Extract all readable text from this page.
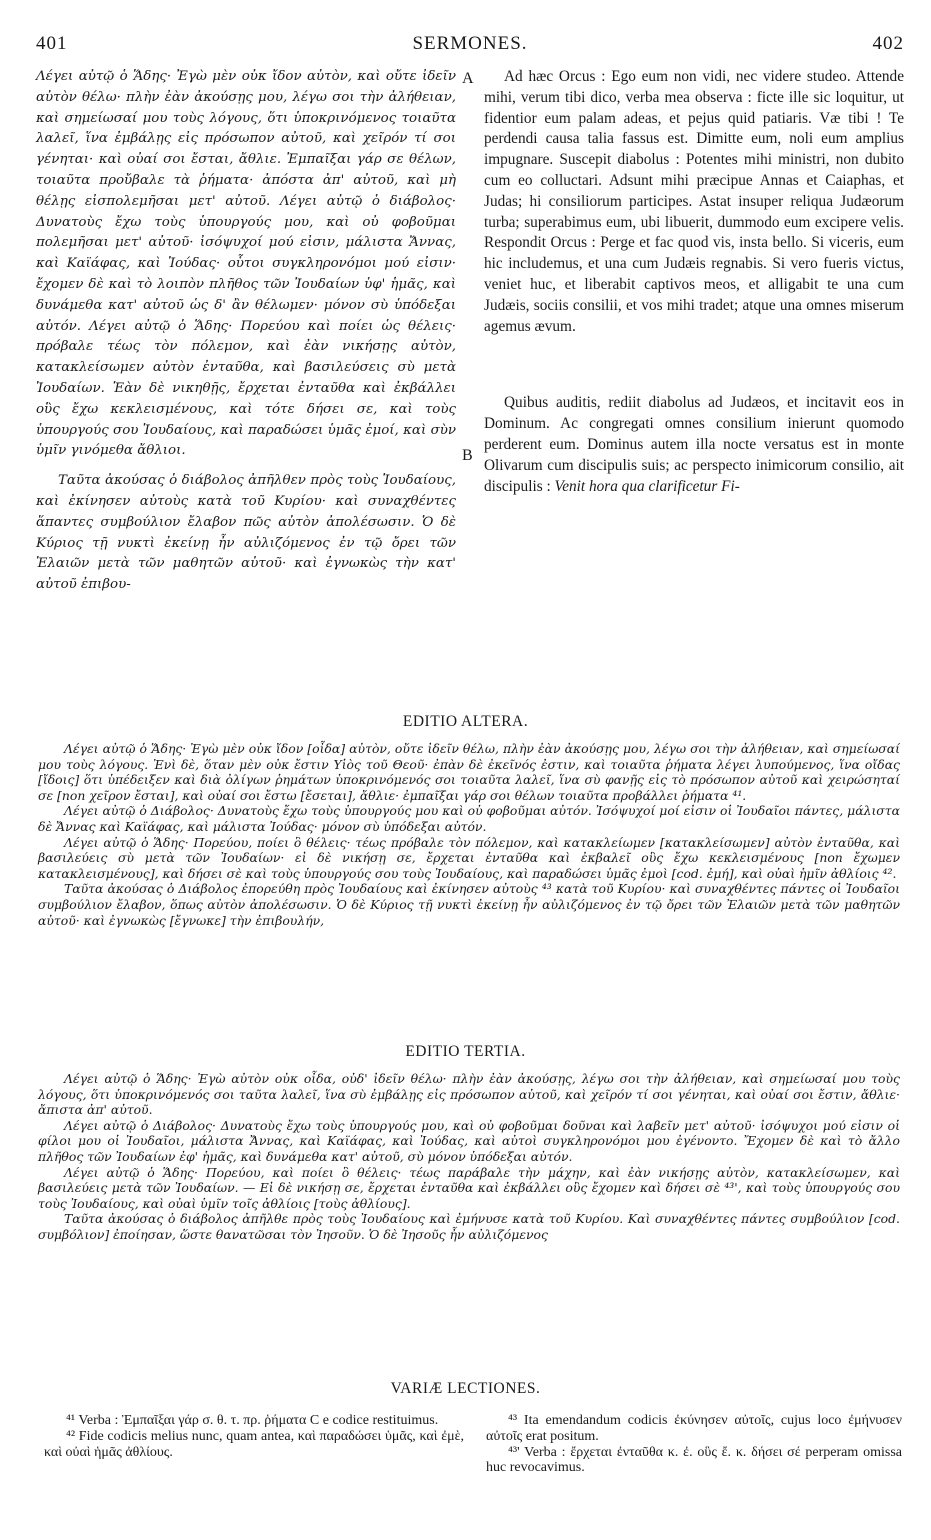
401	SERMONES.	402

Λέγει αὐτῷ ὁ Ἅδης· Ἐγὼ μὲν οὐκ ἴδον αὐτὸν, καὶ οὔτε ἰδεῖν αὐτὸν θέλω· πλὴν ἐὰν ἀκούσῃς μου, λέγω σοι τὴν ἀλήθειαν, καὶ σημείωσαί μου τοὺς λόγους, ὅτι ὑποκρινόμενος τοιαῦτα λαλεῖ, ἵνα ἐμβάλῃς εἰς πρόσωπον αὐτοῦ, καὶ χεῖρόν τί σοι γένηται· καὶ οὐαί σοι ἔσται, ἄθλιε. Ἐμπαῖξαι γάρ σε θέλων, τοιαῦτα προὔβαλε τὰ ῥήματα· ἀπόστα ἀπ' αὐτοῦ, καὶ μὴ θέλῃς εἰσπολεμῆσαι μετ' αὐτοῦ. Λέγει αὐτῷ ὁ διάβολος· Δυνατοὺς ἔχω τοὺς ὑπουργούς μου, καὶ οὐ φοβοῦμαι πολεμῆσαι μετ' αὐτοῦ· ἰσόψυχοί μού εἰσιν, μάλιστα Ἄννας, καὶ Καϊάφας, καὶ Ἰούδας· οὗτοι συγκληρονόμοι μού εἰσιν· ἔχομεν δὲ καὶ τὸ λοιπὸν πλῆθος τῶν Ἰουδαίων ὑφ' ἡμᾶς, καὶ δυνάμεθα κατ' αὐτοῦ ὡς δ' ἂν θέλωμεν· μόνον σὺ ὑπόδεξαι αὐτόν. Λέγει αὐτῷ ὁ Ἅδης· Πορεύου καὶ ποίει ὡς θέλεις· πρόβαλε τέως τὸν πόλεμον, καὶ ἐὰν νικήσῃς αὐτὸν, κατακλείσωμεν αὐτὸν ἐνταῦθα, καὶ βασιλεύσεις σὺ μετὰ Ἰουδαίων. Ἐὰν δὲ νικηθῇς, ἔρχεται ἐνταῦθα καὶ ἐκβάλλει οὓς ἔχω κεκλεισμένους, καὶ τότε δήσει σε, καὶ τοὺς ὑπουργούς σου Ἰουδαίους, καὶ παραδώσει ὑμᾶς ἐμοί, καὶ σὺν ὑμῖν γινόμεθα ἄθλιοι.

Ταῦτα ἀκούσας ὁ διάβολος ἀπῆλθεν πρὸς τοὺς Ἰουδαίους, καὶ ἐκίνησεν αὐτοὺς κατὰ τοῦ Κυρίου· καὶ συναχθέντες ἅπαντες συμβούλιον ἔλαβον πῶς αὐτὸν ἀπολέσωσιν. Ὁ δὲ Κύριος τῇ νυκτὶ ἐκείνῃ ἦν αὐλιζόμενος ἐν τῷ ὄρει τῶν Ἐλαιῶν μετὰ τῶν μαθητῶν αὐτοῦ· καὶ ἐγνωκὼς τὴν κατ' αὐτοῦ ἐπιβου-

A
B

Ad hæc Orcus : Ego eum non vidi, nec videre studeo. Attende mihi, verum tibi dico, verba mea observa : ficte ille sic loquitur, ut fidentior eum palam adeas, et pejus quid patiaris. Væ tibi ! Te perdendi causa talia fassus est. Dimitte eum, noli eum amplius impugnare. Suscepit diabolus : Potentes mihi ministri, non dubito cum eo colluctari. Adsunt mihi præcipue Annas et Caiaphas, et Judas; hi consiliorum participes. Astat insuper reliqua Judæorum turba; superabimus eum, ubi libuerit, dummodo eum excipere velis. Respondit Orcus : Perge et fac quod vis, insta bello. Si viceris, eum hic includemus, et una cum Judæis regnabis. Si vero fueris victus, veniet huc, et liberabit captivos meos, et alligabit te una cum Judæis, sociis consilii, et vos mihi tradet; atque una omnes miserum agemus ævum.

Quibus auditis, rediit diabolus ad Judæos, et incitavit eos in Dominum. Ac congregati omnes consilium inierunt quomodo perderent eum. Dominus autem illa nocte versatus est in monte Olivarum cum discipulis suis; ac perspecto inimicorum consilio, ait discipulis : Venit hora qua clarificetur Fi-

EDITIO ALTERA.

Λέγει αὐτῷ ὁ Ἅδης· Ἐγὼ μὲν οὐκ ἴδον [οἶδα] αὐτὸν, οὔτε ἰδεῖν θέλω, πλὴν ἐὰν ἀκούσῃς μου, λέγω σοι τὴν ἀλήθειαν, καὶ σημείωσαί μου τοὺς λόγους. Ἐνὶ δὲ, ὅταν μὲν οὐκ ἔστιν Υἱὸς τοῦ Θεοῦ· ἐπὰν δὲ ἐκεῖνός ἐστιν, καὶ τοιαῦτα ῥήματα λέγει λυπούμενος, ἵνα οἴδας [ἴδοις] ὅτι ὑπέδειξεν καὶ διὰ ὀλίγων ῥημάτων ὑποκρινόμενός σοι τοιαῦτα λαλεῖ, ἵνα σὺ φανῇς εἰς τὸ πρόσωπον αὐτοῦ καὶ χειρώσηταί σε [non χεῖρον ἔσται], καὶ οὐαί σοι ἔστω [ἔσεται], ἄθλιε· ἐμπαῖξαι γάρ σοι θέλων τοιαῦτα προβάλλει ῥήματα ⁴¹.

Λέγει αὐτῷ ὁ Διάβολος· Δυνατοὺς ἔχω τοὺς ὑπουργούς μου καὶ οὐ φοβοῦμαι αὐτόν. Ἰσόψυχοί μοί εἰσιν οἱ Ἰουδαῖοι πάντες, μάλιστα δὲ Ἄννας καὶ Καϊάφας, καὶ μάλιστα Ἰούδας· μόνον σὺ ὑπόδεξαι αὐτόν.

Λέγει αὐτῷ ὁ Ἅδης· Πορεύου, ποίει ὃ θέλεις· τέως πρόβαλε τὸν πόλεμον, καὶ κατακλείωμεν [κατακλείσωμεν] αὐτὸν ἐνταῦθα, καὶ βασιλεύεις σὺ μετὰ τῶν Ἰουδαίων· εἰ δὲ νικήσῃ σε, ἔρχεται ἐνταῦθα καὶ ἐκβαλεῖ οὓς ἔχω κεκλεισμένους [non ἔχωμεν κατακλεισμένους], καὶ δήσει σὲ καὶ τοὺς ὑπουργούς σου τοὺς Ἰουδαίους, καὶ παραδώσει ὑμᾶς ἐμοὶ [cod. ἐμή], καὶ οὐαὶ ἡμῖν ἀθλίοις ⁴².

Ταῦτα ἀκούσας ὁ Διάβολος ἐπορεύθη πρὸς Ἰουδαίους καὶ ἐκίνησεν αὐτοὺς ⁴³ κατὰ τοῦ Κυρίου· καὶ συναχθέντες πάντες οἱ Ἰουδαῖοι συμβούλιον ἔλαβον, ὅπως αὐτὸν ἀπολέσωσιν. Ὁ δὲ Κύριος τῇ νυκτὶ ἐκείνῃ ἦν αὐλιζόμενος ἐν τῷ ὄρει τῶν Ἐλαιῶν μετὰ τῶν μαθητῶν αὐτοῦ· καὶ ἐγνωκὼς [ἔγνωκε] τὴν ἐπιβουλήν,

EDITIO TERTIA.

Λέγει αὐτῷ ὁ Ἅδης· Ἐγὼ αὐτὸν οὐκ οἶδα, οὐδ' ἰδεῖν θέλω· πλὴν ἐὰν ἀκούσῃς, λέγω σοι τὴν ἀλήθειαν, καὶ σημείωσαί μου τοὺς λόγους, ὅτι ὑποκρινόμενός σοι ταῦτα λαλεῖ, ἵνα σὺ ἐμβάλῃς εἰς πρόσωπον αὐτοῦ, καὶ χεῖρόν τί σοι γένηται, καὶ οὐαί σοι ἔστιν, ἄθλιε· ἄπιστα ἀπ' αὐτοῦ.

Λέγει αὐτῷ ὁ Διάβολος· Δυνατοὺς ἔχω τοὺς ὑπουργούς μου, καὶ οὐ φοβοῦμαι δοῦναι καὶ λαβεῖν μετ' αὐτοῦ· ἰσόψυχοι μού εἰσιν οἱ φίλοι μου οἱ Ἰουδαῖοι, μάλιστα Ἄννας, καὶ Καϊάφας, καὶ Ἰούδας, καὶ αὐτοὶ συγκληρονόμοι μου ἐγένοντο. Ἔχομεν δὲ καὶ τὸ ἄλλο πλῆθος τῶν Ἰουδαίων ἐφ' ἡμᾶς, καὶ δυνάμεθα κατ' αὐτοῦ, σὺ μόνον ὑπόδεξαι αὐτόν.

Λέγει αὐτῷ ὁ Ἅδης· Πορεύου, καὶ ποίει ὃ θέλεις· τέως παράβαλε τὴν μάχην, καὶ ἐὰν νικήσῃς αὐτὸν, κατακλείσωμεν, καὶ βασιλεύεις μετὰ τῶν Ἰουδαίων. — Εἰ δὲ νικήσῃ σε, ἔρχεται ἐνταῦθα καὶ ἐκβάλλει οὓς ἔχομεν καὶ δήσει σὲ ⁴³', καὶ τοὺς ὑπουργούς σου τοὺς Ἰουδαίους, καὶ οὐαὶ ὑμῖν τοῖς ἀθλίοις [τοὺς ἀθλίους].

Ταῦτα ἀκούσας ὁ διάβολος ἀπῆλθε πρὸς τοὺς Ἰουδαίους καὶ ἐμήνυσε κατὰ τοῦ Κυρίου. Καὶ συναχθέντες πάντες συμβούλιον [cod. συμβόλιον] ἐποίησαν, ὥστε θανατῶσαι τὸν Ἰησοῦν. Ὁ δὲ Ἰησοῦς ἦν αὐλιζόμενος

VARIÆ LECTIONES.

⁴¹ Verba : Ἐμπαῖξαι γάρ σ. θ. τ. πρ. ῥήματα C e codice restituimus.

⁴² Fide codicis melius nunc, quam antea, καὶ παραδώσει ὑμᾶς, καὶ ἐμὲ, καὶ οὐαὶ ἡμᾶς ἀθλίους.

⁴³ Ita emendandum codicis ἐκύνησεν αὐτοῖς, cujus loco ἐμήνυσεν αὐτοῖς erat positum.

⁴³' Verba : ἔρχεται ἐνταῦθα κ. ἐ. οὓς ἔ. κ. δήσει σέ perperam omissa huc revocavimus.
